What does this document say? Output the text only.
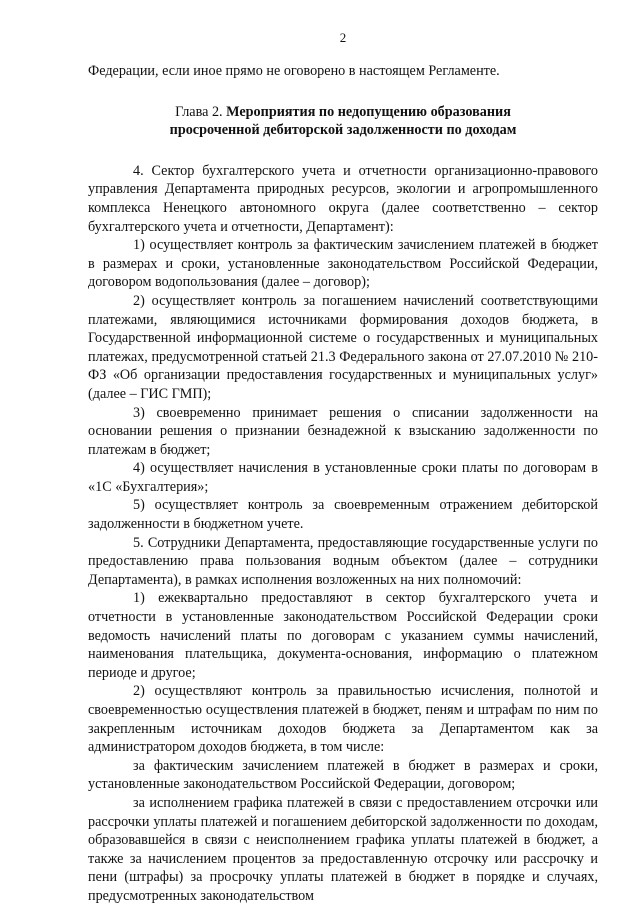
2

Федерации, если иное прямо не оговорено в настоящем Регламенте.

Глава 2. Мероприятия по недопущению образования
просроченной дебиторской задолженности по доходам

4. Сектор бухгалтерского учета и отчетности организационно-правового управления Департамента природных ресурсов, экологии и агропромышленного комплекса Ненецкого автономного округа (далее соответственно – сектор бухгалтерского учета и отчетности, Департамент):

1) осуществляет контроль за фактическим зачислением платежей в бюджет в размерах и сроки, установленные законодательством Российской Федерации, договором водопользования (далее – договор);

2) осуществляет контроль за погашением начислений соответствующими платежами, являющимися источниками формирования доходов бюджета, в Государственной информационной системе о государственных и муниципальных платежах, предусмотренной статьей 21.3 Федерального закона от 27.07.2010 № 210-ФЗ «Об организации предоставления государственных и муниципальных услуг» (далее – ГИС ГМП);

3) своевременно принимает решения о списании задолженности на основании решения о признании безнадежной к взысканию задолженности по платежам в бюджет;

4) осуществляет начисления в установленные сроки платы по договорам в «1С «Бухгалтерия»;

5) осуществляет контроль за своевременным отражением дебиторской задолженности в бюджетном учете.

5. Сотрудники Департамента, предоставляющие государственные услуги по предоставлению права пользования водным объектом (далее – сотрудники Департамента), в рамках исполнения возложенных на них полномочий:

1) ежеквартально предоставляют в сектор бухгалтерского учета и отчетности в установленные законодательством Российской Федерации сроки ведомость начислений платы по договорам с указанием суммы начислений, наименования плательщика, документа-основания, информацию о платежном периоде и другое;

2) осуществляют контроль за правильностью исчисления, полнотой и своевременностью осуществления платежей в бюджет, пеням и штрафам по ним по закрепленным источникам доходов бюджета за Департаментом как за администратором доходов бюджета, в том числе:

за фактическим зачислением платежей в бюджет в размерах и сроки, установленные законодательством Российской Федерации, договором;

за исполнением графика платежей в связи с предоставлением отсрочки или рассрочки уплаты платежей и погашением дебиторской задолженности по доходам, образовавшейся в связи с неисполнением графика уплаты платежей в бюджет, а также за начислением процентов за предоставленную отсрочку или рассрочку и пени (штрафы) за просрочку уплаты платежей в бюджет в порядке и случаях, предусмотренных законодательством
